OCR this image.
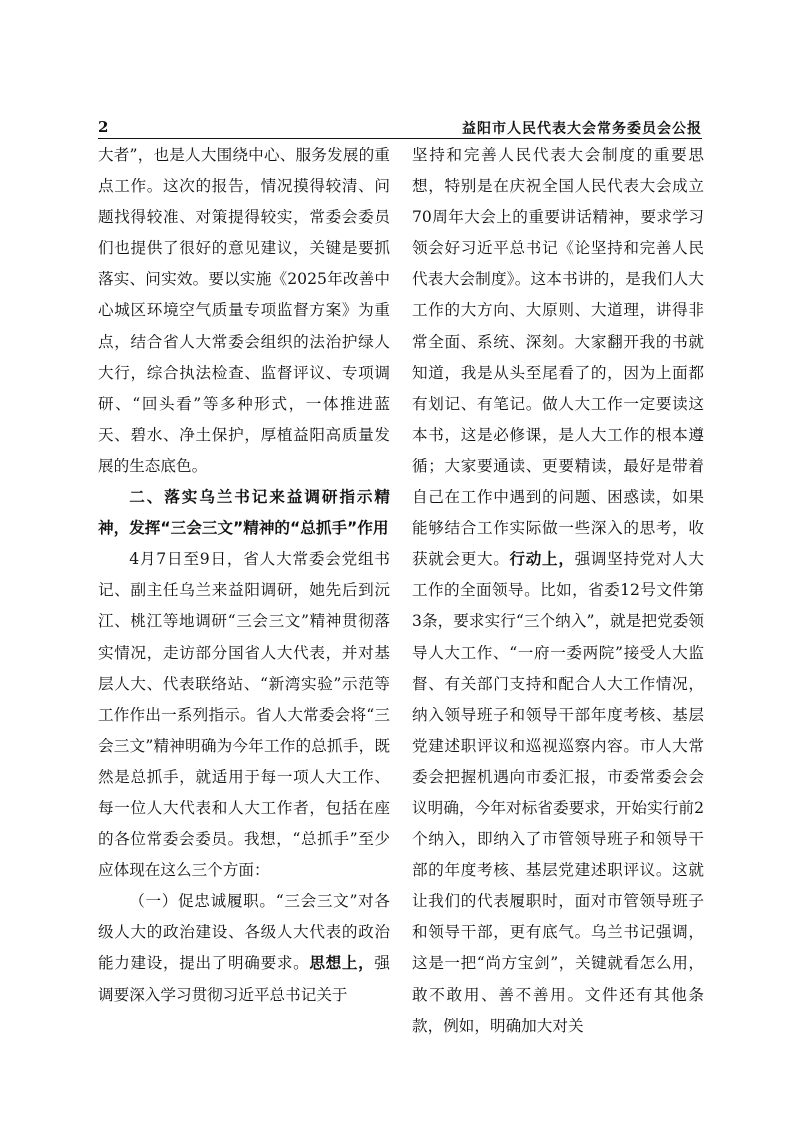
2	益阳市人民代表大会常务委员会公报

大者”，也是人大围绕中心、服务发展的重点工作。这次的报告，情况摸得较清、问题找得较准、对策提得较实，常委会委员们也提供了很好的意见建议，关键是要抓落实、问实效。要以实施《2025年改善中心城区环境空气质量专项监督方案》为重点，结合省人大常委会组织的法治护绿人大行，综合执法检查、监督评议、专项调研、“回头看”等多种形式，一体推进蓝天、碧水、净土保护，厚植益阳高质量发展的生态底色。

二、落实乌兰书记来益调研指示精神，发挥“三会三文”精神的“总抓手”作用

4月7日至9日，省人大常委会党组书记、副主任乌兰来益阳调研，她先后到沅江、桃江等地调研“三会三文”精神贯彻落实情况，走访部分国省人大代表，并对基层人大、代表联络站、“新湾实验”示范等工作作出一系列指示。省人大常委会将“三会三文”精神明确为今年工作的总抓手，既然是总抓手，就适用于每一项人大工作、每一位人大代表和人大工作者，包括在座的各位常委会委员。我想，“总抓手”至少应体现在这么三个方面：

（一）促忠诚履职。“三会三文”对各级人大的政治建设、各级人大代表的政治能力建设，提出了明确要求。思想上，强调要深入学习贯彻习近平总书记关于

坚持和完善人民代表大会制度的重要思想，特别是在庆祝全国人民代表大会成立70周年大会上的重要讲话精神，要求学习领会好习近平总书记《论坚持和完善人民代表大会制度》。这本书讲的，是我们人大工作的大方向、大原则、大道理，讲得非常全面、系统、深刻。大家翻开我的书就知道，我是从头至尾看了的，因为上面都有划记、有笔记。做人大工作一定要读这本书，这是必修课，是人大工作的根本遵循；大家要通读、更要精读，最好是带着自己在工作中遇到的问题、困惑读，如果能够结合工作实际做一些深入的思考，收获就会更大。行动上，强调坚持党对人大工作的全面领导。比如，省委12号文件第3条，要求实行“三个纳入”，就是把党委领导人大工作、“一府一委两院”接受人大监督、有关部门支持和配合人大工作情况，纳入领导班子和领导干部年度考核、基层党建述职评议和巡视巡察内容。市人大常委会把握机遇向市委汇报，市委常委会会议明确，今年对标省委要求，开始实行前2个纳入，即纳入了市管领导班子和领导干部的年度考核、基层党建述职评议。这就让我们的代表履职时，面对市管领导班子和领导干部，更有底气。乌兰书记强调，这是一把“尚方宝剑”，关键就看怎么用，敢不敢用、善不善用。文件还有其他条款，例如，明确加大对关
